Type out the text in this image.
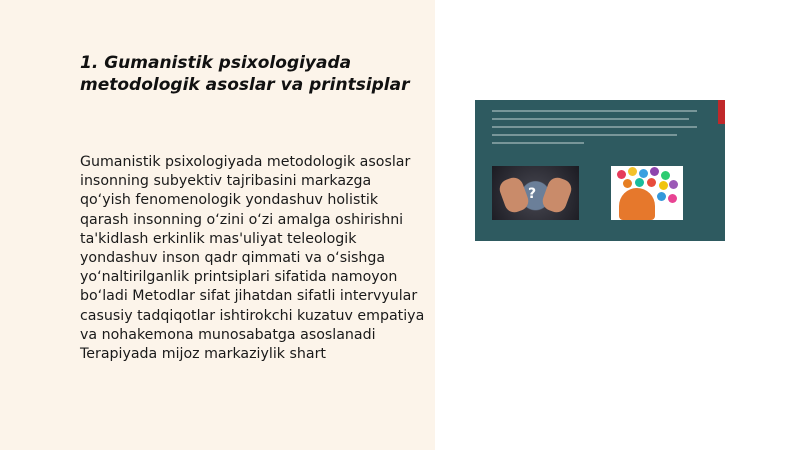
1. Gumanistik psixologiyada metodologik asoslar va printsiplar

Gumanistik psixologiyada metodologik asoslar insonning subyektiv tajribasini markazga qo‘yish fenomenologik yondashuv holistik qarash insonning o‘zini o‘zi amalga oshirishni ta'kidlash erkinlik mas'uliyat teleologik yondashuv inson qadr qimmati va o‘sishga yo‘naltirilganlik printsiplari sifatida namoyon bo‘ladi Metodlar sifat jihatdan sifatli intervyular casusiy tadqiqotlar ishtirokchi kuzatuv empatiya va nohakemona munosabatga asoslanadi Terapiyada mijoz markaziylik shart

?
